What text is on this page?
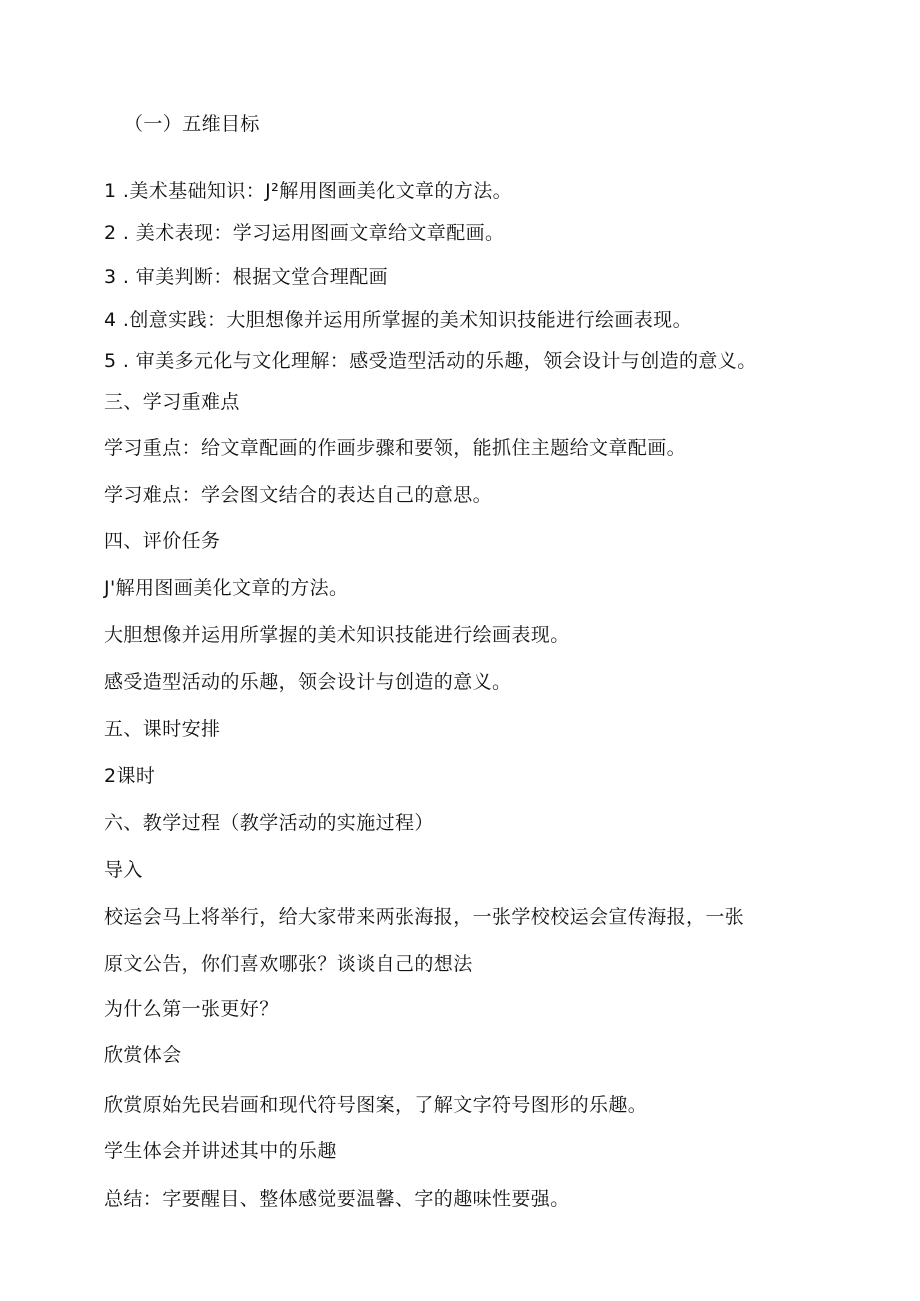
（一）五维目标
1 .美术基础知识：J²解用图画美化文章的方法。
2 . 美术表现：学习运用图画文章给文章配画。
3 . 审美判断：根据文堂合理配画
4 .创意实践：大胆想像并运用所掌握的美术知识技能进行绘画表现。
5 . 审美多元化与文化理解：感受造型活动的乐趣，领会设计与创造的意义。
三、学习重难点
学习重点：给文章配画的作画步骤和要领，能抓住主题给文章配画。
学习难点：学会图文结合的表达自己的意思。
四、评价任务
J'解用图画美化文章的方法。
大胆想像并运用所掌握的美术知识技能进行绘画表现。
感受造型活动的乐趣，领会设计与创造的意义。
五、课时安排
2课时
六、教学过程（教学活动的实施过程）
导入
校运会马上将举行，给大家带来两张海报，一张学校校运会宣传海报，一张
原文公告，你们喜欢哪张？谈谈自己的想法
为什么第一张更好？
欣赏体会
欣赏原始先民岩画和现代符号图案，了解文字符号图形的乐趣。
学生体会并讲述其中的乐趣
总结：字要醒目、整体感觉要温馨、字的趣味性要强。
